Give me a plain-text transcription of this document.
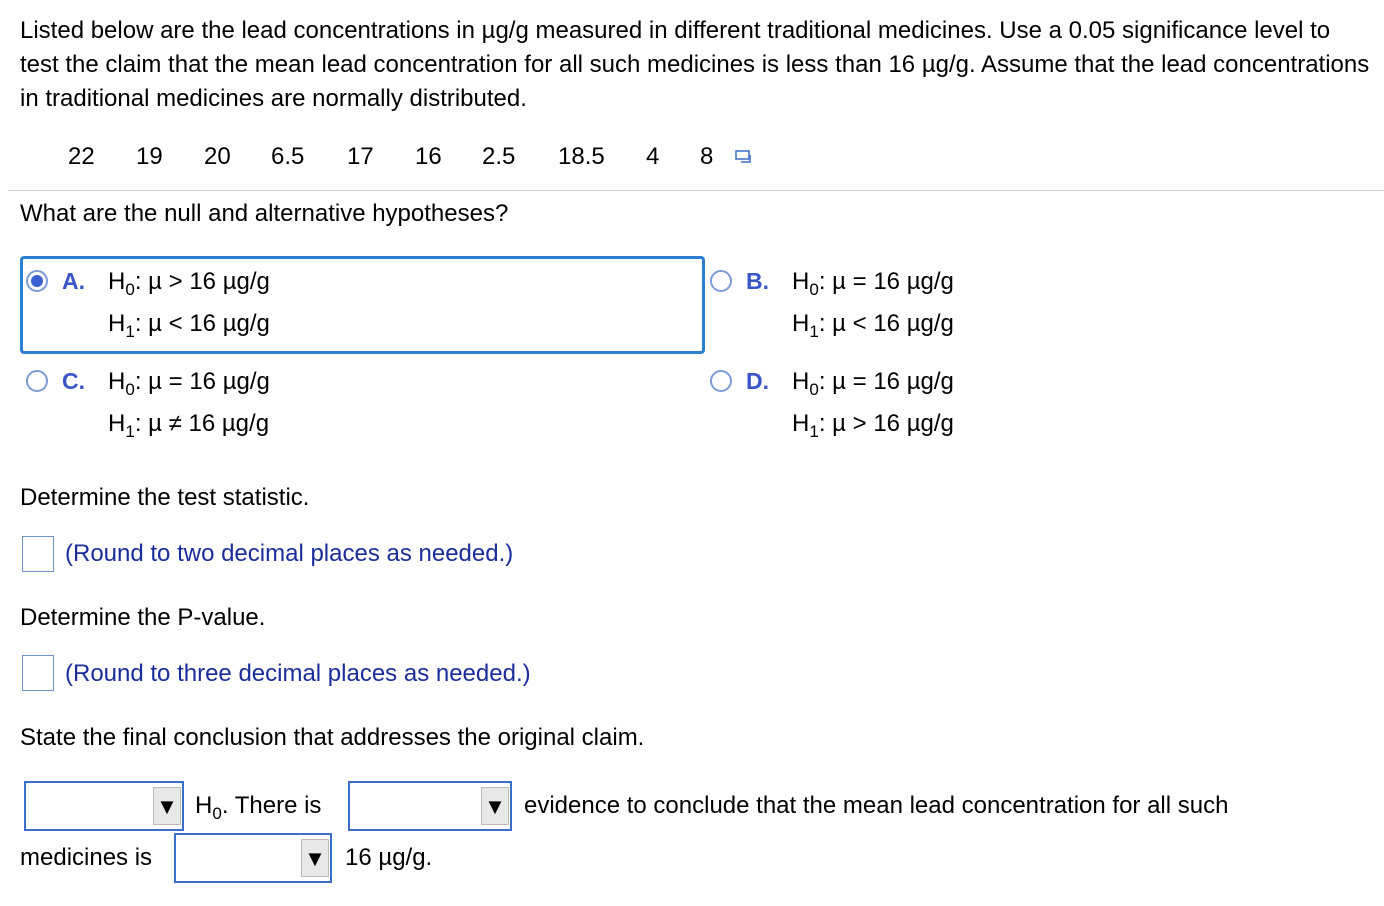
Listed below are the lead concentrations in µg/g measured in different traditional medicines. Use a 0.05 significance level to test the claim that the mean lead concentration for all such medicines is less than 16 µg/g. Assume that the lead concentrations in traditional medicines are normally distributed.
22 19 20 6.5 17 16 2.5 18.5 4 8
What are the null and alternative hypotheses?
A. $H_0$: µ > 16 µg/g
$H_1$: µ < 16 µg/g
B. $H_0$: µ = 16 µg/g
$H_1$: µ < 16 µg/g
C. $H_0$: µ = 16 µg/g
$H_1$: µ ≠ 16 µg/g
D. $H_0$: µ = 16 µg/g
$H_1$: µ > 16 µg/g
Determine the test statistic.
(Round to two decimal places as needed.)
Determine the P-value.
(Round to three decimal places as needed.)
State the final conclusion that addresses the original claim.
▼ $H_0$. There is	▼ evidence to conclude that the mean lead concentration for all such
medicines is	▼ 16 µg/g.
